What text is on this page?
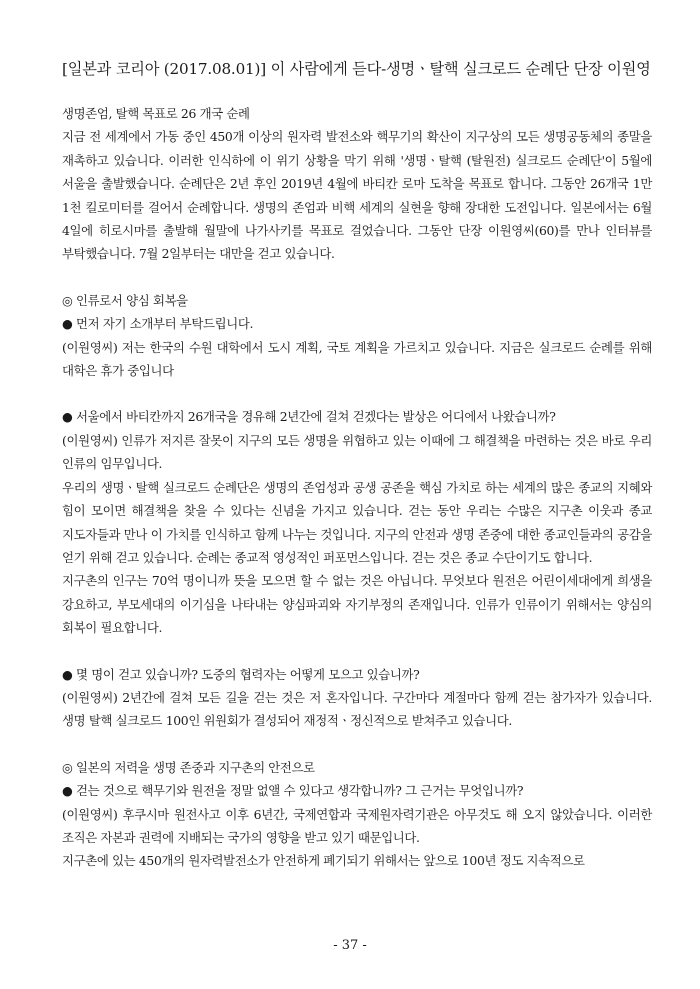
[일본과 코리아 (2017.08.01)] 이 사람에게 듣다-생명ㆍ탈핵 실크로드 순례단 단장 이원영

생명존엄, 탈핵 목표로 26 개국 순례

지금 전 세계에서 가동 중인 450개 이상의 원자력 발전소와 핵무기의 확산이 지구상의 모든 생명공동체의 종말을 재촉하고 있습니다. 이러한 인식하에 이 위기 상황을 막기 위해 '생명ㆍ탈핵 (탈원전) 실크로드 순례단'이 5월에 서울을 출발했습니다. 순례단은 2년 후인 2019년 4월에 바티칸 로마 도착을 목표로 합니다. 그동안 26개국 1만 1천 킬로미터를 걸어서 순례합니다. 생명의 존엄과 비핵 세계의 실현을 향해 장대한 도전입니다. 일본에서는 6월 4일에 히로시마를 출발해 월말에 나가사키를 목표로 걸었습니다. 그동안 단장 이원영씨(60)를 만나 인터뷰를 부탁했습니다. 7월 2일부터는 대만을 걷고 있습니다.

◎ 인류로서 양심 회복을

● 먼저 자기 소개부터 부탁드립니다.

(이원영씨) 저는 한국의 수원 대학에서 도시 계획, 국토 계획을 가르치고 있습니다. 지금은 실크로드 순례를 위해 대학은 휴가 중입니다

● 서울에서 바티칸까지 26개국을 경유해 2년간에 걸쳐 걷겠다는 발상은 어디에서 나왔습니까?

(이원영씨) 인류가 저지른 잘못이 지구의 모든 생명을 위협하고 있는 이때에 그 해결책을 마련하는 것은 바로 우리 인류의 임무입니다.

우리의 생명ㆍ탈핵 실크로드 순례단은 생명의 존엄성과 공생 공존을 핵심 가치로 하는 세계의 많은 종교의 지혜와 힘이 모이면 해결책을 찾을 수 있다는 신념을 가지고 있습니다. 걷는 동안 우리는 수많은 지구촌 이웃과 종교 지도자들과 만나 이 가치를 인식하고 함께 나누는 것입니다. 지구의 안전과 생명 존중에 대한 종교인들과의 공감을 얻기 위해 걷고 있습니다. 순례는 종교적 영성적인 퍼포먼스입니다. 걷는 것은 종교 수단이기도 합니다.

지구촌의 인구는 70억 명이니까 뜻을 모으면 할 수 없는 것은 아닙니다. 무엇보다 원전은 어린이세대에게 희생을 강요하고, 부모세대의 이기심을 나타내는 양심파괴와 자기부정의 존재입니다. 인류가 인류이기 위해서는 양심의 회복이 필요합니다.

● 몇 명이 걷고 있습니까? 도중의 협력자는 어떻게 모으고 있습니까?

(이원영씨) 2년간에 걸쳐 모든 길을 걷는 것은 저 혼자입니다. 구간마다 계절마다 함께 걷는 참가자가 있습니다. 생명 탈핵 실크로드 100인 위원회가 결성되어 재정적ㆍ정신적으로 받쳐주고 있습니다.

◎ 일본의 저력을 생명 존중과 지구촌의 안전으로

● 걷는 것으로 핵무기와 원전을 정말 없앨 수 있다고 생각합니까? 그 근거는 무엇입니까?

(이원영씨) 후쿠시마 원전사고 이후 6년간, 국제연합과 국제원자력기관은 아무것도 해 오지 않았습니다. 이러한 조직은 자본과 권력에 지배되는 국가의 영향을 받고 있기 때문입니다.

지구촌에 있는 450개의 원자력발전소가 안전하게 폐기되기 위해서는 앞으로 100년 정도 지속적으로

- 37 -
